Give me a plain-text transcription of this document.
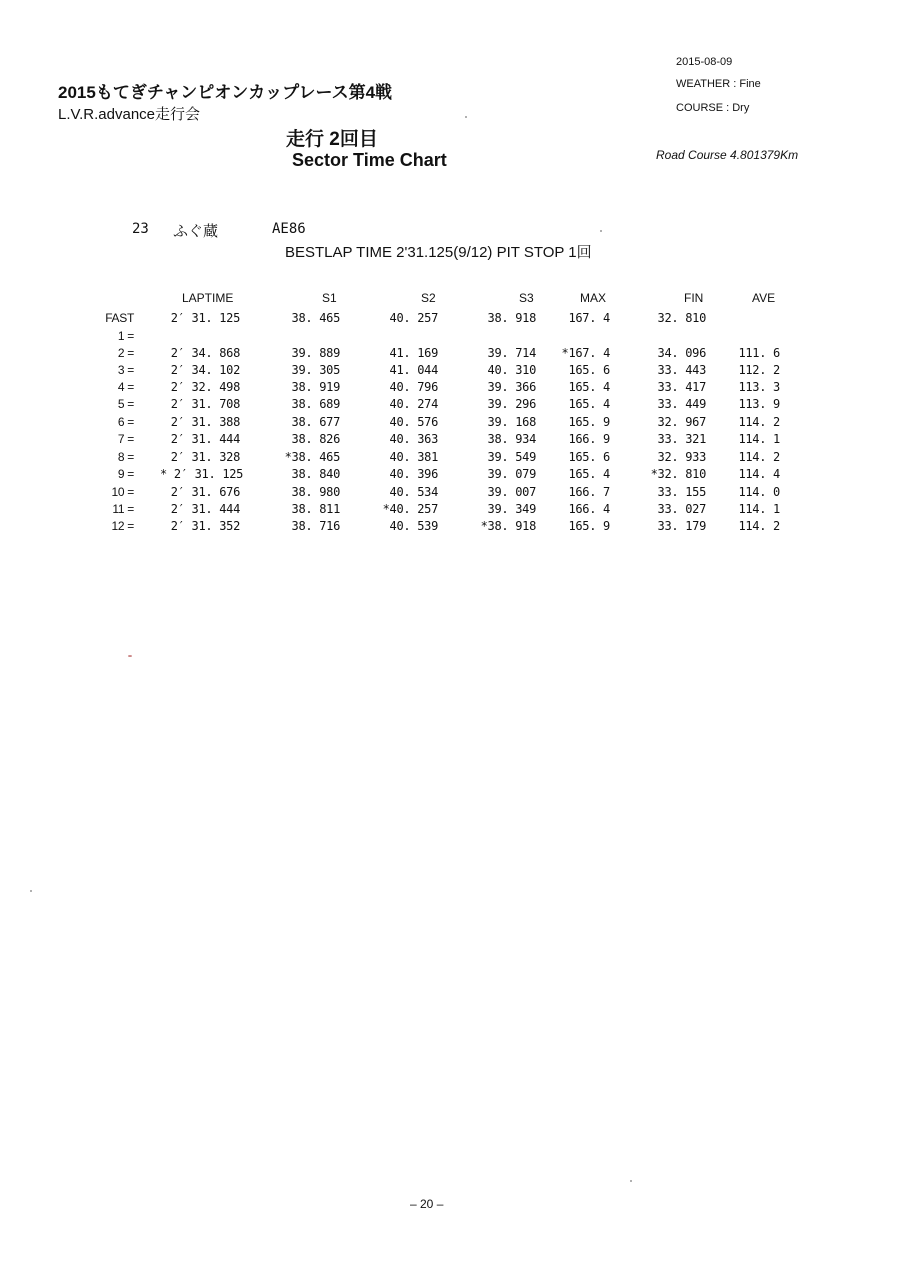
2015もてぎチャンピオンカップレース第4戦
L.V.R.advance走行会
走行 2回目
Sector Time Chart
2015-08-09
WEATHER : Fine
COURSE : Dry
Road Course 4.801379Km
23 ふぐ蔵	AE86
BESTLAP TIME 2'31.125(9/12) PIT STOP 1回
LAPTIME	S1	S2	S3	MAX	FIN	AVE
FAST	2′ 31. 125	38. 465	40. 257	38. 918	167. 4	32. 810
1 =
2 =	2′ 34. 868	39. 889	41. 169	39. 714	*167. 4	34. 096	111. 6
3 =	2′ 34. 102	39. 305	41. 044	40. 310	165. 6	33. 443	112. 2
4 =	2′ 32. 498	38. 919	40. 796	39. 366	165. 4	33. 417	113. 3
5 =	2′ 31. 708	38. 689	40. 274	39. 296	165. 4	33. 449	113. 9
6 =	2′ 31. 388	38. 677	40. 576	39. 168	165. 9	32. 967	114. 2
7 =	2′ 31. 444	38. 826	40. 363	38. 934	166. 9	33. 321	114. 1
8 =	2′ 31. 328	*38. 465	40. 381	39. 549	165. 6	32. 933	114. 2
9 = * 2′ 31. 125	38. 840	40. 396	39. 079	165. 4	*32. 810	114. 4
10 =	2′ 31. 676	38. 980	40. 534	39. 007	166. 7	33. 155	114. 0
11 =	2′ 31. 444	38. 811	*40. 257	39. 349	166. 4	33. 027	114. 1
12 =	2′ 31. 352	38. 716	40. 539	*38. 918	165. 9	33. 179	114. 2
– 20 –
